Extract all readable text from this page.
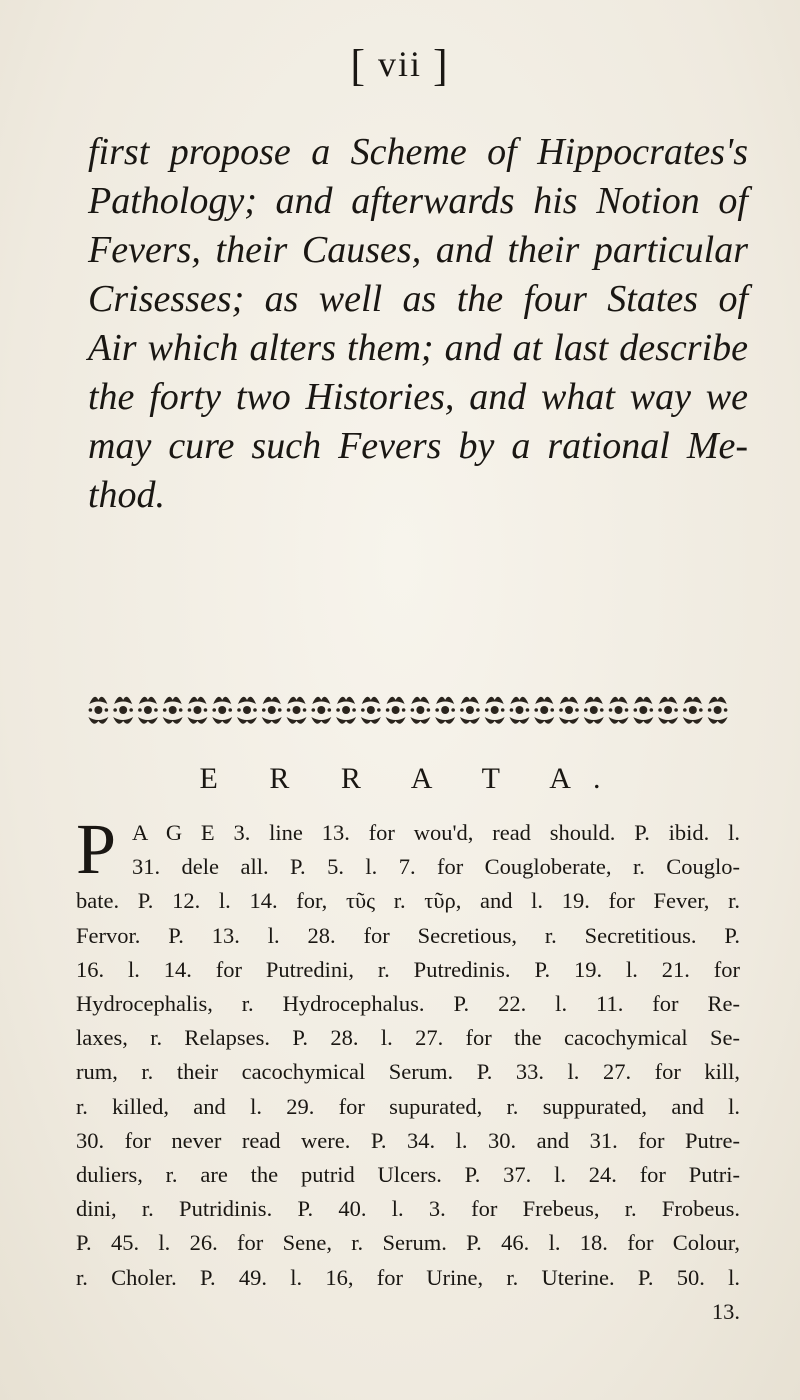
[ vii ]
first propose a Scheme of Hippocrates's
Pathology; and afterwards his Notion of
Fevers, their Causes, and their particular
Crisesses; as well as the four States of
Air which alters them; and at last describe
the forty two Histories, and what way we
may cure such Fevers by a rational Me-
thod.
E R R A T A.
P A G E 3. line 13. for wou'd, read should. P. ibid. l.
31. dele all. P. 5. l. 7. for Cougloberate, r. Couglo-
bate. P. 12. l. 14. for, τῦς r. τῦρ, and l. 19. for Fever, r.
Fervor. P. 13. l. 28. for Secretious, r. Secretitious. P.
16. l. 14. for Putredini, r. Putredinis. P. 19. l. 21. for
Hydrocephalis, r. Hydrocephalus. P. 22. l. 11. for Re-
laxes, r. Relapses. P. 28. l. 27. for the cacochymical Se-
rum, r. their cacochymical Serum. P. 33. l. 27. for kill,
r. killed, and l. 29. for supurated, r. suppurated, and l.
30. for never read were. P. 34. l. 30. and 31. for Putre-
duliers, r. are the putrid Ulcers. P. 37. l. 24. for Putri-
dini, r. Putridinis. P. 40. l. 3. for Frebeus, r. Frobeus.
P. 45. l. 26. for Sene, r. Serum. P. 46. l. 18. for Colour,
r. Choler. P. 49. l. 16, for Urine, r. Uterine. P. 50. l.
13.
